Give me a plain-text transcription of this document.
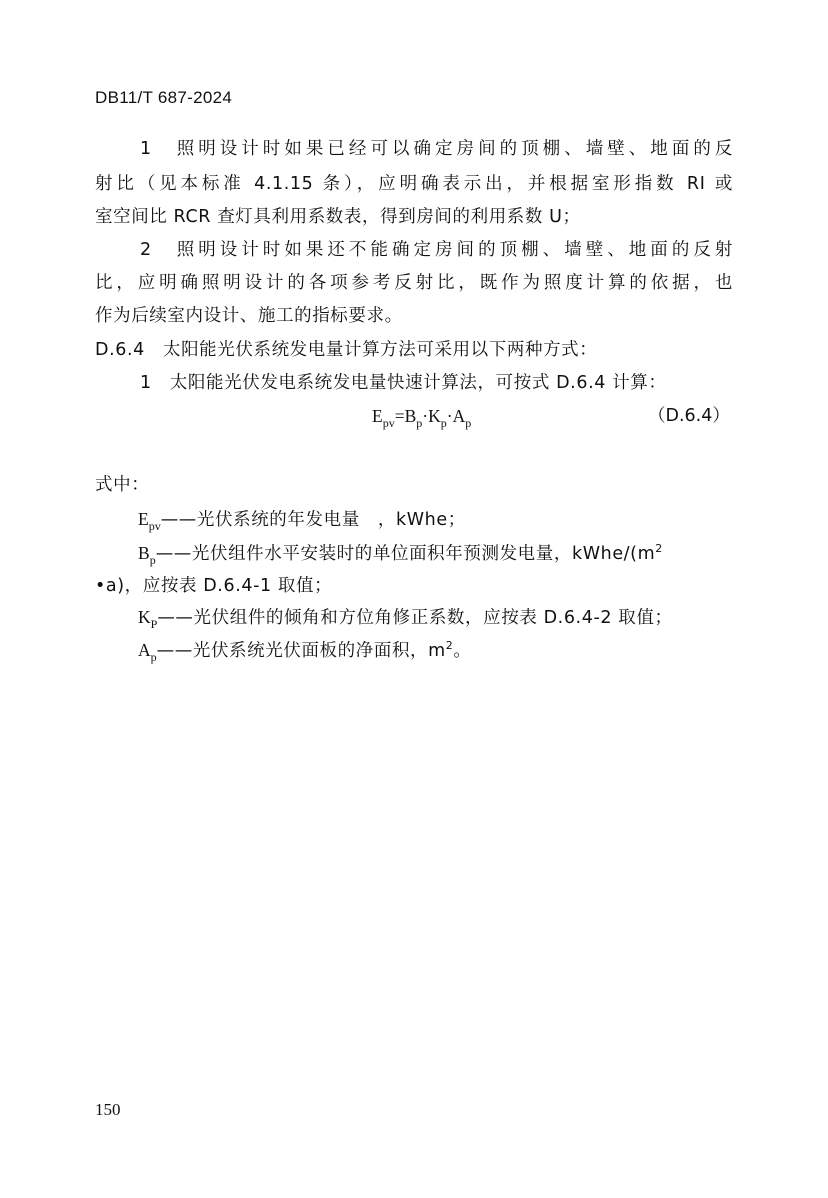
DB11/T 687-2024
1　照明设计时如果已经可以确定房间的顶棚、墙壁、地面的反
射比（见本标准 4.1.15 条），应明确表示出，并根据室形指数 RI 或
室空间比 RCR 查灯具利用系数表，得到房间的利用系数 U；
2　照明设计时如果还不能确定房间的顶棚、墙壁、地面的反射
比，应明确照明设计的各项参考反射比，既作为照度计算的依据，也
作为后续室内设计、施工的指标要求。
D.6.4　太阳能光伏系统发电量计算方法可采用以下两种方式：
1　太阳能光伏发电系统发电量快速计算法，可按式 D.6.4 计算：
$E_{pv}=B_p\cdot K_p\cdot A_p$	（D.6.4）
式中：
$E_{pv}——$光伏系统的年发电量　，kWhe；
$B_p——$光伏组件水平安装时的单位面积年预测发电量，kWhe/($m^2$
•a)，应按表 D.6.4-1 取值；
$K_P——$光伏组件的倾角和方位角修正系数，应按表 D.6.4-2 取值；
$A_p——$光伏系统光伏面板的净面积，$m^2$。
150
